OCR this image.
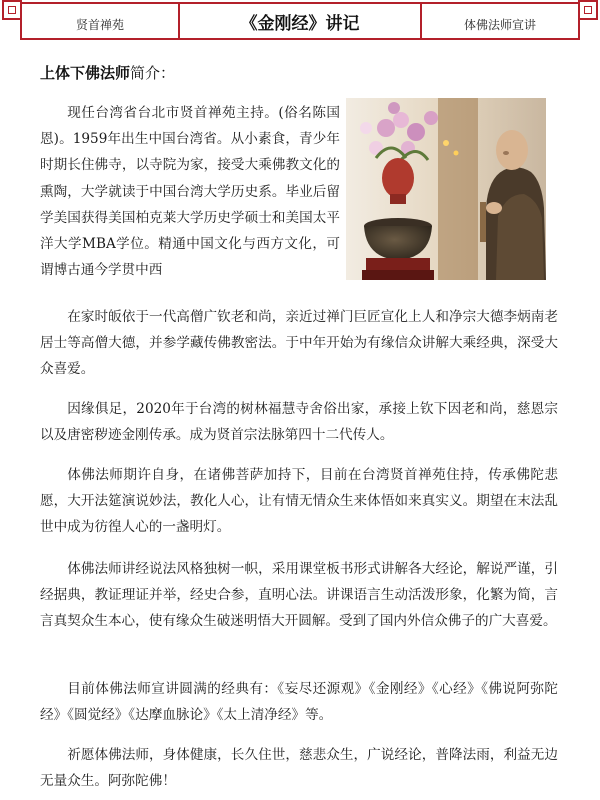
贤首禅苑	《金刚经》讲记	体佛法师宣讲
上体下佛法师简介：

现任台湾省台北市贤首禅苑主持。(俗名陈国恩)。1959年出生中国台湾省。从小素食，青少年时期长住佛寺，以寺院为家，接受大乘佛教文化的熏陶，大学就读于中国台湾大学历史系。毕业后留学美国获得美国柏克莱大学历史学硕士和美国太平洋大学MBA学位。精通中国文化与西方文化，可谓博古通今学贯中西

在家时皈依于一代高僧广钦老和尚，亲近过禅门巨匠宣化上人和净宗大德李炳南老居士等高僧大德，并参学藏传佛教密法。于中年开始为有缘信众讲解大乘经典，深受大众喜爱。

因缘俱足，2020年于台湾的树林福慧寺舍俗出家，承接上钦下因老和尚，慈恩宗以及唐密秽迹金刚传承。成为贤首宗法脉第四十二代传人。

体佛法师期许自身，在诸佛菩萨加持下，目前在台湾贤首禅苑住持，传承佛陀悲愿，大开法筵演说妙法，教化人心，让有情无情众生来体悟如来真实义。期望在末法乱世中成为彷徨人心的一盏明灯。

体佛法师讲经说法风格独树一帜，采用课堂板书形式讲解各大经论，解说严谨，引经据典，教证理证并举，经史合参，直明心法。讲课语言生动活泼形象，化繁为简，言言真契众生本心，使有缘众生破迷明悟大开圆解。受到了国内外信众佛子的广大喜爱。

目前体佛法师宣讲圆满的经典有：《妄尽还源观》《金刚经》《心经》《佛说阿弥陀经》《圆觉经》《达摩血脉论》《太上清净经》等。

祈愿体佛法师，身体健康，长久住世，慈悲众生，广说经论，普降法雨，利益无边无量众生。阿弥陀佛！
